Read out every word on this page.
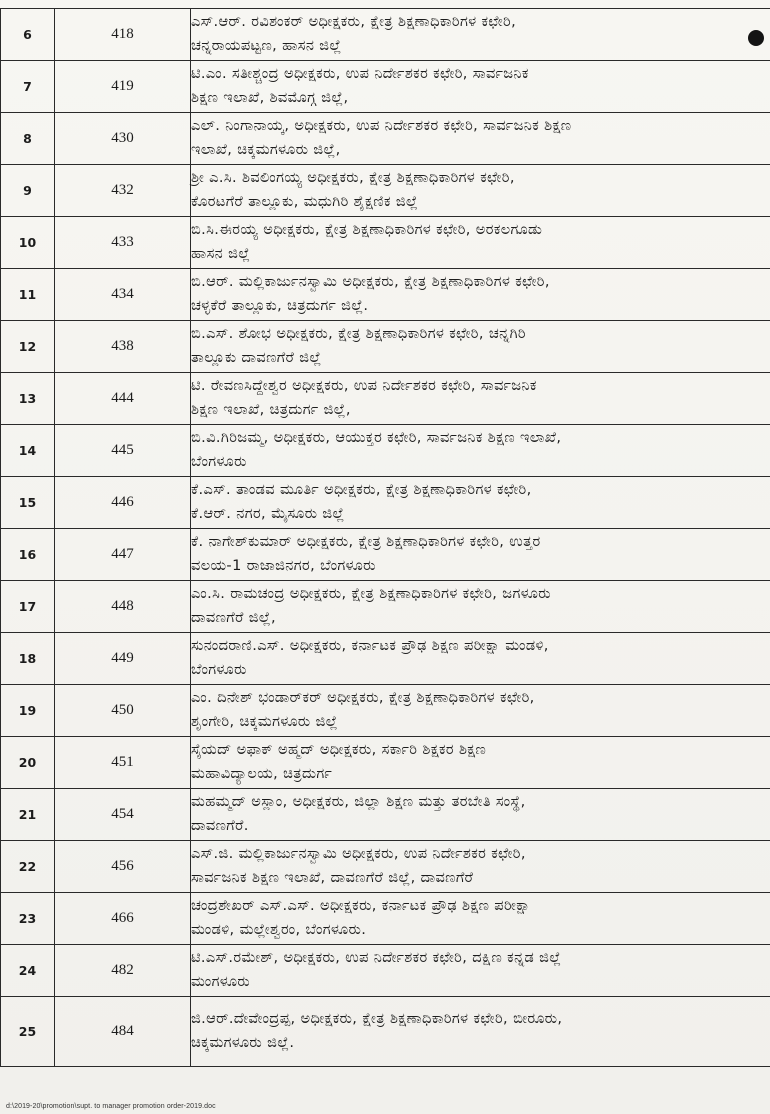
6	418	ಎಸ್.ಆರ್. ರವಿಶಂಕರ್ ಅಧೀಕ್ಷಕರು, ಕ್ಷೇತ್ರ ಶಿಕ್ಷಣಾಧಿಕಾರಿಗಳ ಕಛೇರಿ,
ಚನ್ನರಾಯಪಟ್ಟಣ, ಹಾಸನ ಜಿಲ್ಲೆ
7	419	ಟಿ.ಎಂ. ಸತೀಶ್ಚಂದ್ರ ಅಧೀಕ್ಷಕರು, ಉಪ ನಿರ್ದೇಶಕರ ಕಛೇರಿ, ಸಾರ್ವಜನಿಕ
ಶಿಕ್ಷಣ ಇಲಾಖೆ, ಶಿವಮೊಗ್ಗ ಜಿಲ್ಲೆ,
8	430	ಎಲ್. ನಿಂಗಾನಾಯ್ಕ, ಅಧೀಕ್ಷಕರು, ಉಪ ನಿರ್ದೇಶಕರ ಕಛೇರಿ, ಸಾರ್ವಜನಿಕ ಶಿಕ್ಷಣ
ಇಲಾಖೆ, ಚಿಕ್ಕಮಗಳೂರು ಜಿಲ್ಲೆ,
9	432	ಶ್ರೀ ಎ.ಸಿ. ಶಿವಲಿಂಗಯ್ಯ ಅಧೀಕ್ಷಕರು, ಕ್ಷೇತ್ರ ಶಿಕ್ಷಣಾಧಿಕಾರಿಗಳ ಕಛೇರಿ,
ಕೊರಟಗೆರೆ ತಾಲ್ಲೂಕು, ಮಧುಗಿರಿ ಶೈಕ್ಷಣಿಕ ಜಿಲ್ಲೆ
10	433	ಬಿ.ಸಿ.ಈರಯ್ಯ ಅಧೀಕ್ಷಕರು, ಕ್ಷೇತ್ರ ಶಿಕ್ಷಣಾಧಿಕಾರಿಗಳ ಕಛೇರಿ, ಅರಕಲಗೂಡು
ಹಾಸನ ಜಿಲ್ಲೆ
11	434	ಬಿ.ಆರ್. ಮಲ್ಲಿಕಾರ್ಜುನಸ್ವಾಮಿ ಅಧೀಕ್ಷಕರು, ಕ್ಷೇತ್ರ ಶಿಕ್ಷಣಾಧಿಕಾರಿಗಳ ಕಛೇರಿ,
ಚಳ್ಳಕೆರೆ ತಾಲ್ಲೂಕು, ಚಿತ್ರದುರ್ಗ ಜಿಲ್ಲೆ.
12	438	ಬಿ.ಎಸ್. ಶೋಭ ಅಧೀಕ್ಷಕರು, ಕ್ಷೇತ್ರ ಶಿಕ್ಷಣಾಧಿಕಾರಿಗಳ ಕಛೇರಿ, ಚನ್ನಗಿರಿ
ತಾಲ್ಲೂಕು ದಾವಣಗೆರೆ ಜಿಲ್ಲೆ
13	444	ಟಿ. ರೇವಣಸಿದ್ದೇಶ್ವರ ಅಧೀಕ್ಷಕರು, ಉಪ ನಿರ್ದೇಶಕರ ಕಛೇರಿ, ಸಾರ್ವಜನಿಕ
ಶಿಕ್ಷಣ ಇಲಾಖೆ, ಚಿತ್ರದುರ್ಗ ಜಿಲ್ಲೆ,
14	445	ಬಿ.ವಿ.ಗಿರಿಜಮ್ಮ, ಅಧೀಕ್ಷಕರು, ಆಯುಕ್ತರ ಕಛೇರಿ, ಸಾರ್ವಜನಿಕ ಶಿಕ್ಷಣ ಇಲಾಖೆ,
ಬೆಂಗಳೂರು
15	446	ಕೆ.ಎಸ್. ತಾಂಡವ ಮೂರ್ತಿ ಅಧೀಕ್ಷಕರು, ಕ್ಷೇತ್ರ ಶಿಕ್ಷಣಾಧಿಕಾರಿಗಳ ಕಛೇರಿ,
ಕೆ.ಆರ್. ನಗರ, ಮೈಸೂರು ಜಿಲ್ಲೆ
16	447	ಕೆ. ನಾಗೇಶ್‌ಕುಮಾರ್ ಅಧೀಕ್ಷಕರು, ಕ್ಷೇತ್ರ ಶಿಕ್ಷಣಾಧಿಕಾರಿಗಳ ಕಛೇರಿ, ಉತ್ತರ
ವಲಯ-1 ರಾಜಾಜಿನಗರ, ಬೆಂಗಳೂರು
17	448	ಎಂ.ಸಿ. ರಾಮಚಂದ್ರ ಅಧೀಕ್ಷಕರು, ಕ್ಷೇತ್ರ ಶಿಕ್ಷಣಾಧಿಕಾರಿಗಳ ಕಛೇರಿ, ಜಗಳೂರು
ದಾವಣಗೆರೆ ಜಿಲ್ಲೆ,
18	449	ಸುನಂದರಾಣಿ.ಎಸ್. ಅಧೀಕ್ಷಕರು, ಕರ್ನಾಟಕ ಪ್ರೌಢ ಶಿಕ್ಷಣ ಪರೀಕ್ಷಾ ಮಂಡಳಿ,
ಬೆಂಗಳೂರು
19	450	ಎಂ. ದಿನೇಶ್ ಭಂಡಾರ್‌ಕರ್ ಅಧೀಕ್ಷಕರು, ಕ್ಷೇತ್ರ ಶಿಕ್ಷಣಾಧಿಕಾರಿಗಳ ಕಛೇರಿ,
ಶೃಂಗೇರಿ, ಚಿಕ್ಕಮಗಳೂರು ಜಿಲ್ಲೆ
20	451	ಸೈಯದ್ ಅಫಾಕ್ ಅಹ್ಮದ್ ಅಧೀಕ್ಷಕರು, ಸರ್ಕಾರಿ ಶಿಕ್ಷಕರ ಶಿಕ್ಷಣ
ಮಹಾವಿದ್ಯಾಲಯ, ಚಿತ್ರದುರ್ಗ
21	454	ಮಹಮ್ಮದ್ ಅಸ್ಲಾಂ, ಅಧೀಕ್ಷಕರು, ಜಿಲ್ಲಾ ಶಿಕ್ಷಣ ಮತ್ತು ತರಬೇತಿ ಸಂಸ್ಥೆ,
ದಾವಣಗೆರೆ.
22	456	ಎಸ್.ಜಿ. ಮಲ್ಲಿಕಾರ್ಜುನಸ್ವಾಮಿ ಅಧೀಕ್ಷಕರು, ಉಪ ನಿರ್ದೇಶಕರ ಕಛೇರಿ,
ಸಾರ್ವಜನಿಕ ಶಿಕ್ಷಣ ಇಲಾಖೆ, ದಾವಣಗೆರೆ ಜಿಲ್ಲೆ, ದಾವಣಗೆರೆ
23	466	ಚಂದ್ರಶೇಖರ್ ಎಸ್.ಎಸ್. ಅಧೀಕ್ಷಕರು, ಕರ್ನಾಟಕ ಪ್ರೌಢ ಶಿಕ್ಷಣ ಪರೀಕ್ಷಾ
ಮಂಡಳಿ, ಮಲ್ಲೇಶ್ವರಂ, ಬೆಂಗಳೂರು.
24	482	ಟಿ.ಎಸ್.ರಮೇಶ್, ಅಧೀಕ್ಷಕರು, ಉಪ ನಿರ್ದೇಶಕರ ಕಛೇರಿ, ದಕ್ಷಿಣ ಕನ್ನಡ ಜಿಲ್ಲೆ
ಮಂಗಳೂರು
25	484	ಜಿ.ಆರ್.ದೇವೇಂದ್ರಪ್ಪ, ಅಧೀಕ್ಷಕರು, ಕ್ಷೇತ್ರ ಶಿಕ್ಷಣಾಧಿಕಾರಿಗಳ ಕಛೇರಿ, ಬೀರೂರು,
ಚಿಕ್ಕಮಗಳೂರು ಜಿಲ್ಲೆ.
d:\2019-20\promotion\supt. to manager promotion order-2019.doc
